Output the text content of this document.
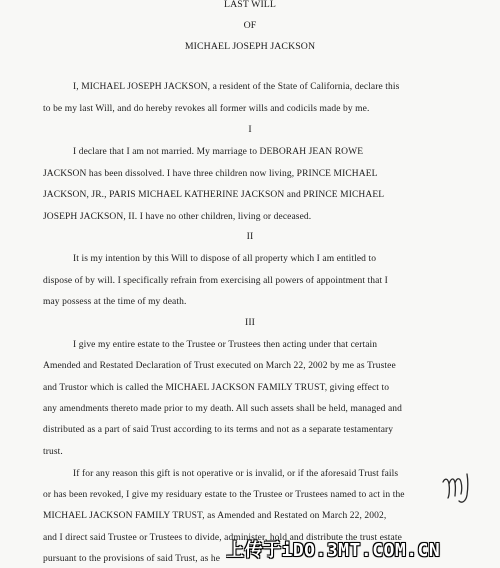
LAST WILL
OF
MICHAEL JOSEPH JACKSON
I, MICHAEL JOSEPH JACKSON, a resident of the State of California, declare this
to be my last Will, and do hereby revokes all former wills and codicils made by me.
I
I declare that I am not married. My marriage to DEBORAH JEAN ROWE
JACKSON has been dissolved. I have three children now living, PRINCE MICHAEL
JACKSON, JR., PARIS MICHAEL KATHERINE JACKSON and PRINCE MICHAEL
JOSEPH JACKSON, II. I have no other children, living or deceased.
II
It is my intention by this Will to dispose of all property which I am entitled to
dispose of by will. I specifically refrain from exercising all powers of appointment that I
may possess at the time of my death.
III
I give my entire estate to the Trustee or Trustees then acting under that certain
Amended and Restated Declaration of Trust executed on March 22, 2002 by me as Trustee
and Trustor which is called the MICHAEL JACKSON FAMILY TRUST, giving effect to
any amendments thereto made prior to my death. All such assets shall be held, managed and
distributed as a part of said Trust according to its terms and not as a separate testamentary
trust.
If for any reason this gift is not operative or is invalid, or if the aforesaid Trust fails
or has been revoked, I give my residuary estate to the Trustee or Trustees named to act in the
MICHAEL JACKSON FAMILY TRUST, as Amended and Restated on March 22, 2002,
and I direct said Trustee or Trustees to divide, administer, hold and distribute the trust estate
pursuant to the provisions of said Trust, as he 上传于iDO.3MT.COM.CN
